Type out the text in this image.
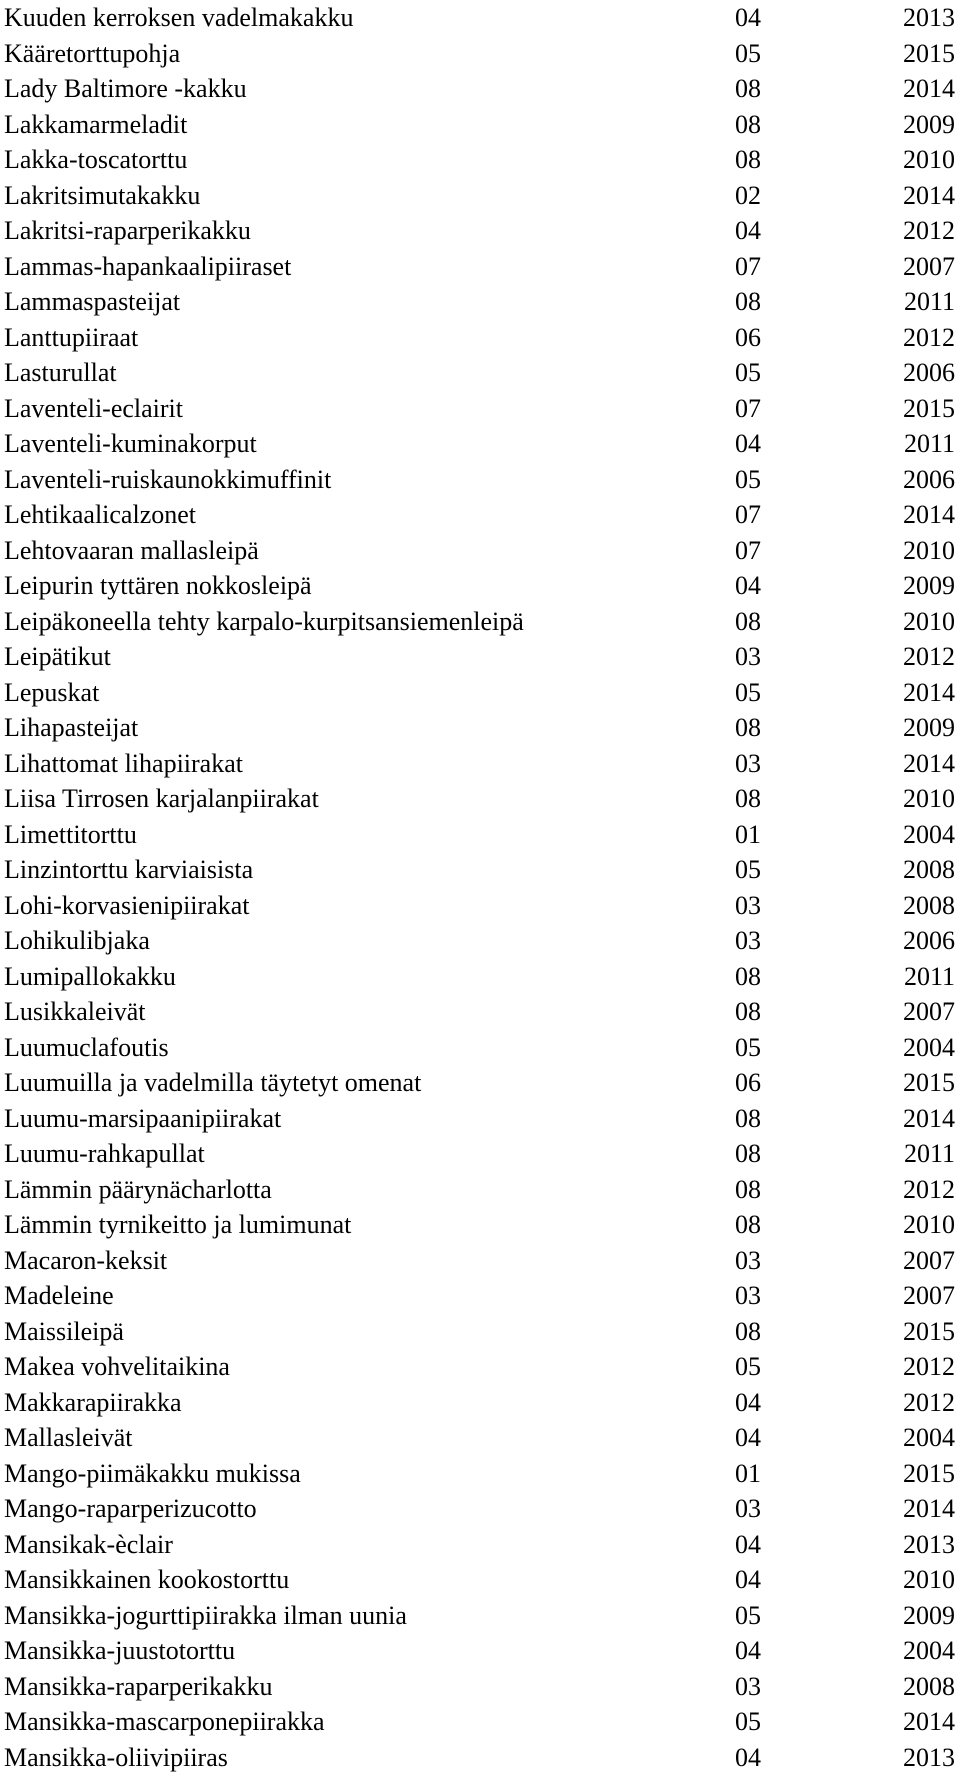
Kuuden kerroksen vadelmakakku	04	2013
Kääretorttupohja	05	2015
Lady Baltimore -kakku	08	2014
Lakkamarmeladit	08	2009
Lakka-toscatorttu	08	2010
Lakritsimutakakku	02	2014
Lakritsi-raparperikakku	04	2012
Lammas-hapankaalipiiraset	07	2007
Lammaspasteijat	08	2011
Lanttupiiraat	06	2012
Lasturullat	05	2006
Laventeli-eclairit	07	2015
Laventeli-kuminakorput	04	2011
Laventeli-ruiskaunokkimuffinit	05	2006
Lehtikaalicalzonet	07	2014
Lehtovaaran mallasleipä	07	2010
Leipurin tyttären nokkosleipä	04	2009
Leipäkoneella tehty karpalo-kurpitsansiemenleipä	08	2010
Leipätikut	03	2012
Lepuskat	05	2014
Lihapasteijat	08	2009
Lihattomat lihapiirakat	03	2014
Liisa Tirrosen karjalanpiirakat	08	2010
Limettitorttu	01	2004
Linzintorttu karviaisista	05	2008
Lohi-korvasienipiirakat	03	2008
Lohikulibjaka	03	2006
Lumipallokakku	08	2011
Lusikkaleivät	08	2007
Luumuclafoutis	05	2004
Luumuilla ja vadelmilla täytetyt omenat	06	2015
Luumu-marsipaanipiirakat	08	2014
Luumu-rahkapullat	08	2011
Lämmin päärynächarlotta	08	2012
Lämmin tyrnikeitto ja lumimunat	08	2010
Macaron-keksit	03	2007
Madeleine	03	2007
Maissileipä	08	2015
Makea vohvelitaikina	05	2012
Makkarapiirakka	04	2012
Mallasleivät	04	2004
Mango-piimäkakku mukissa	01	2015
Mango-raparperizucotto	03	2014
Mansikak-èclair	04	2013
Mansikkainen kookostorttu	04	2010
Mansikka-jogurttipiirakka ilman uunia	05	2009
Mansikka-juustotorttu	04	2004
Mansikka-raparperikakku	03	2008
Mansikka-mascarponepiirakka	05	2014
Mansikka-oliivipiiras	04	2013
